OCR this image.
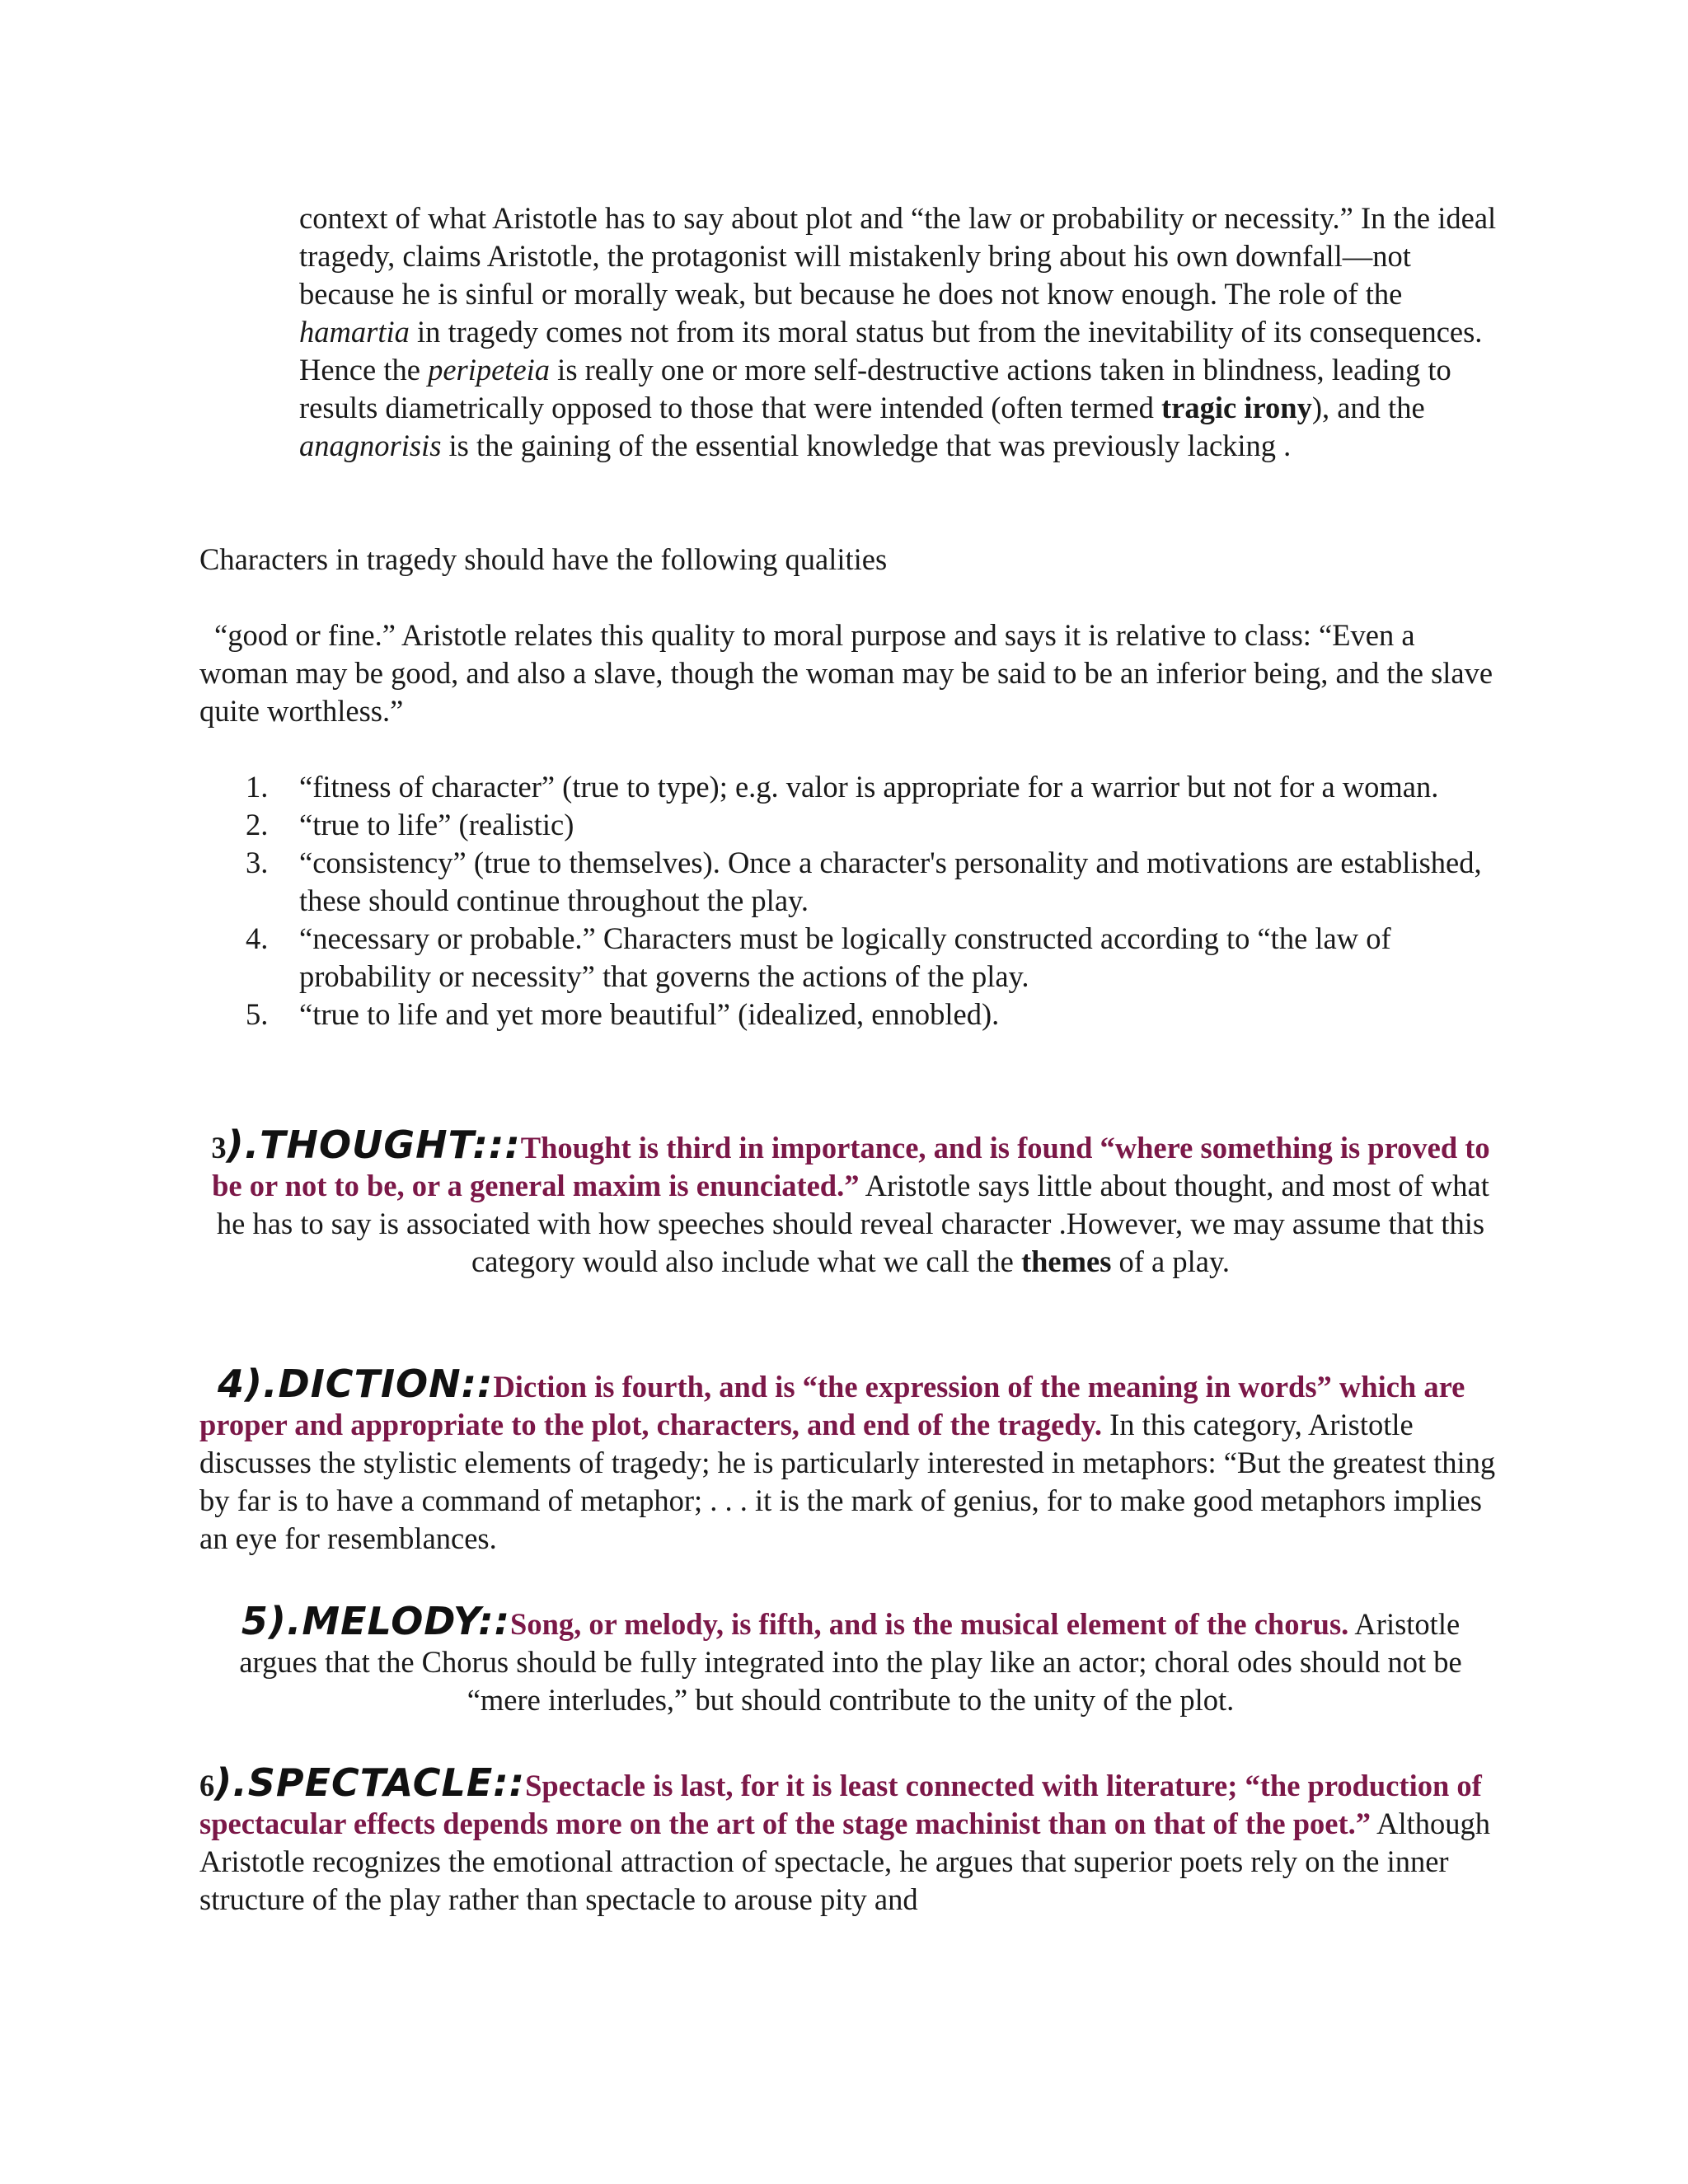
context of what Aristotle has to say about plot and “the law or probability or necessity.” In the ideal tragedy, claims Aristotle, the protagonist will mistakenly bring about his own downfall—not because he is sinful or morally weak, but because he does not know enough. The role of the hamartia in tragedy comes not from its moral status but from the inevitability of its consequences. Hence the peripeteia is really one or more self-destructive actions taken in blindness, leading to results diametrically opposed to those that were intended (often termed tragic irony), and the anagnorisis is the gaining of the essential knowledge that was previously lacking .
Characters in tragedy should have the following qualities
“good or fine.” Aristotle relates this quality to moral purpose and says it is relative to class: “Even a woman may be good, and also a slave, though the woman may be said to be an inferior being, and the slave quite worthless.”
1. “fitness of character” (true to type); e.g. valor is appropriate for a warrior but not for a woman.
2. “true to life” (realistic)
3. “consistency” (true to themselves). Once a character's personality and motivations are established, these should continue throughout the play.
4. “necessary or probable.” Characters must be logically constructed according to “the law of probability or necessity” that governs the actions of the play.
5. “true to life and yet more beautiful” (idealized, ennobled).
3).THOUGHT:::Thought is third in importance, and is found “where something is proved to be or not to be, or a general maxim is enunciated.” Aristotle says little about thought, and most of what he has to say is associated with how speeches should reveal character .However, we may assume that this category would also include what we call the themes of a play.
4).DICTION::Diction is fourth, and is “the expression of the meaning in words” which are proper and appropriate to the plot, characters, and end of the tragedy. In this category, Aristotle discusses the stylistic elements of tragedy; he is particularly interested in metaphors: “But the greatest thing by far is to have a command of metaphor; . . . it is the mark of genius, for to make good metaphors implies an eye for resemblances.
5).MELODY::Song, or melody, is fifth, and is the musical element of the chorus. Aristotle argues that the Chorus should be fully integrated into the play like an actor; choral odes should not be “mere interludes,” but should contribute to the unity of the plot.
6).SPECTACLE::Spectacle is last, for it is least connected with literature; “the production of spectacular effects depends more on the art of the stage machinist than on that of the poet.” Although Aristotle recognizes the emotional attraction of spectacle, he argues that superior poets rely on the inner structure of the play rather than spectacle to arouse pity and
